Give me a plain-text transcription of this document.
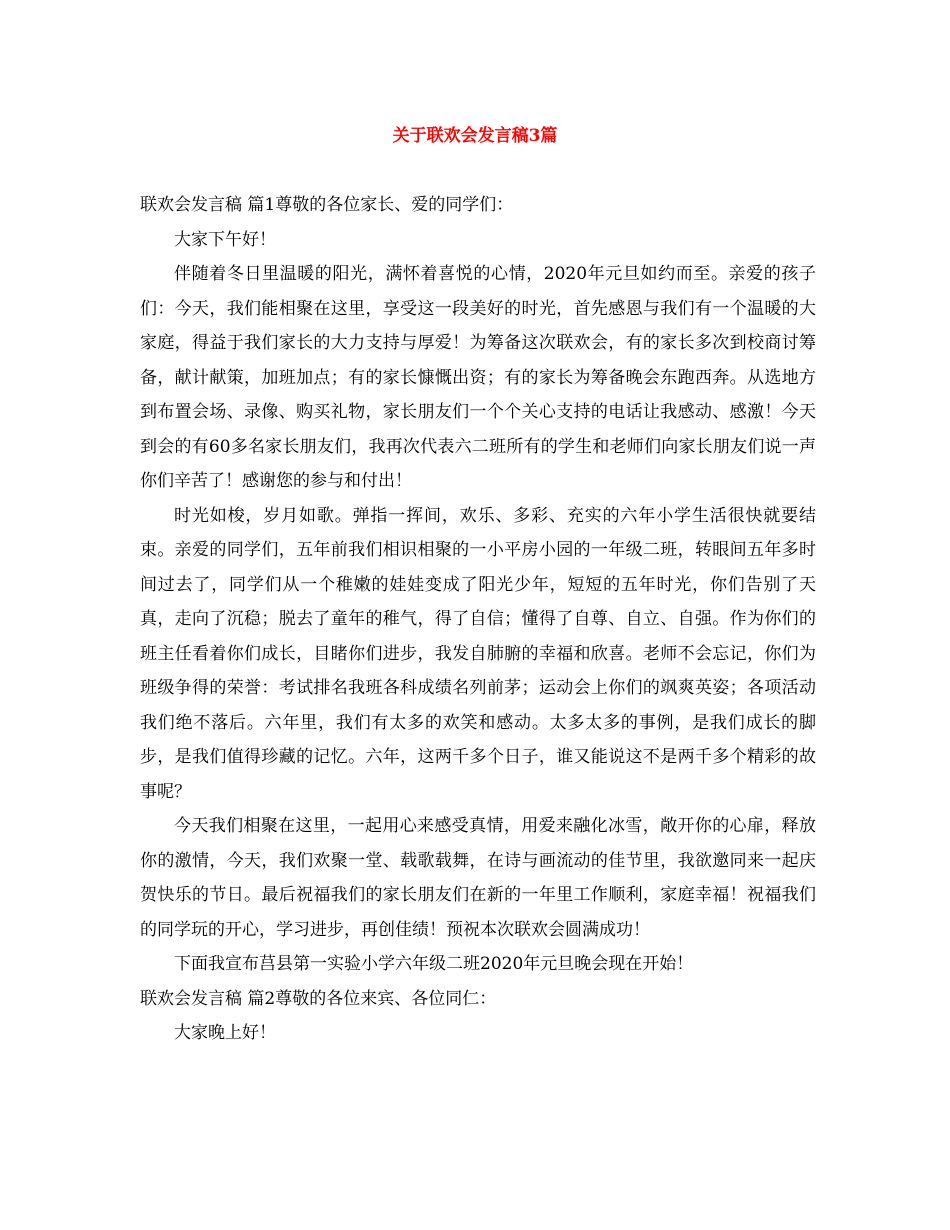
关于联欢会发言稿3篇

联欢会发言稿 篇1尊敬的各位家长、爱的同学们：

大家下午好！

伴随着冬日里温暖的阳光，满怀着喜悦的心情，2020年元旦如约而至。亲爱的孩子们：今天，我们能相聚在这里，享受这一段美好的时光，首先感恩与我们有一个温暖的大家庭，得益于我们家长的大力支持与厚爱！为筹备这次联欢会，有的家长多次到校商讨筹备，献计献策，加班加点；有的家长慷慨出资；有的家长为筹备晚会东跑西奔。从选地方到布置会场、录像、购买礼物，家长朋友们一个个关心支持的电话让我感动、感激！今天到会的有60多名家长朋友们，我再次代表六二班所有的学生和老师们向家长朋友们说一声你们辛苦了！感谢您的参与和付出！

时光如梭，岁月如歌。弹指一挥间，欢乐、多彩、充实的六年小学生活很快就要结束。亲爱的同学们，五年前我们相识相聚的一小平房小园的一年级二班，转眼间五年多时间过去了，同学们从一个稚嫩的娃娃变成了阳光少年，短短的五年时光，你们告别了天真，走向了沉稳；脱去了童年的稚气，得了自信；懂得了自尊、自立、自强。作为你们的班主任看着你们成长，目睹你们进步，我发自肺腑的幸福和欣喜。老师不会忘记，你们为班级争得的荣誉：考试排名我班各科成绩名列前茅；运动会上你们的飒爽英姿；各项活动我们绝不落后。六年里，我们有太多的欢笑和感动。太多太多的事例，是我们成长的脚步，是我们值得珍藏的记忆。六年，这两千多个日子，谁又能说这不是两千多个精彩的故事呢？

今天我们相聚在这里，一起用心来感受真情，用爱来融化冰雪，敞开你的心扉，释放你的激情，今天，我们欢聚一堂、载歌载舞，在诗与画流动的佳节里，我欲邀同来一起庆贺快乐的节日。最后祝福我们的家长朋友们在新的一年里工作顺利，家庭幸福！祝福我们的同学玩的开心，学习进步，再创佳绩！预祝本次联欢会圆满成功！

下面我宣布莒县第一实验小学六年级二班2020年元旦晚会现在开始！

联欢会发言稿 篇2尊敬的各位来宾、各位同仁：

大家晚上好！
